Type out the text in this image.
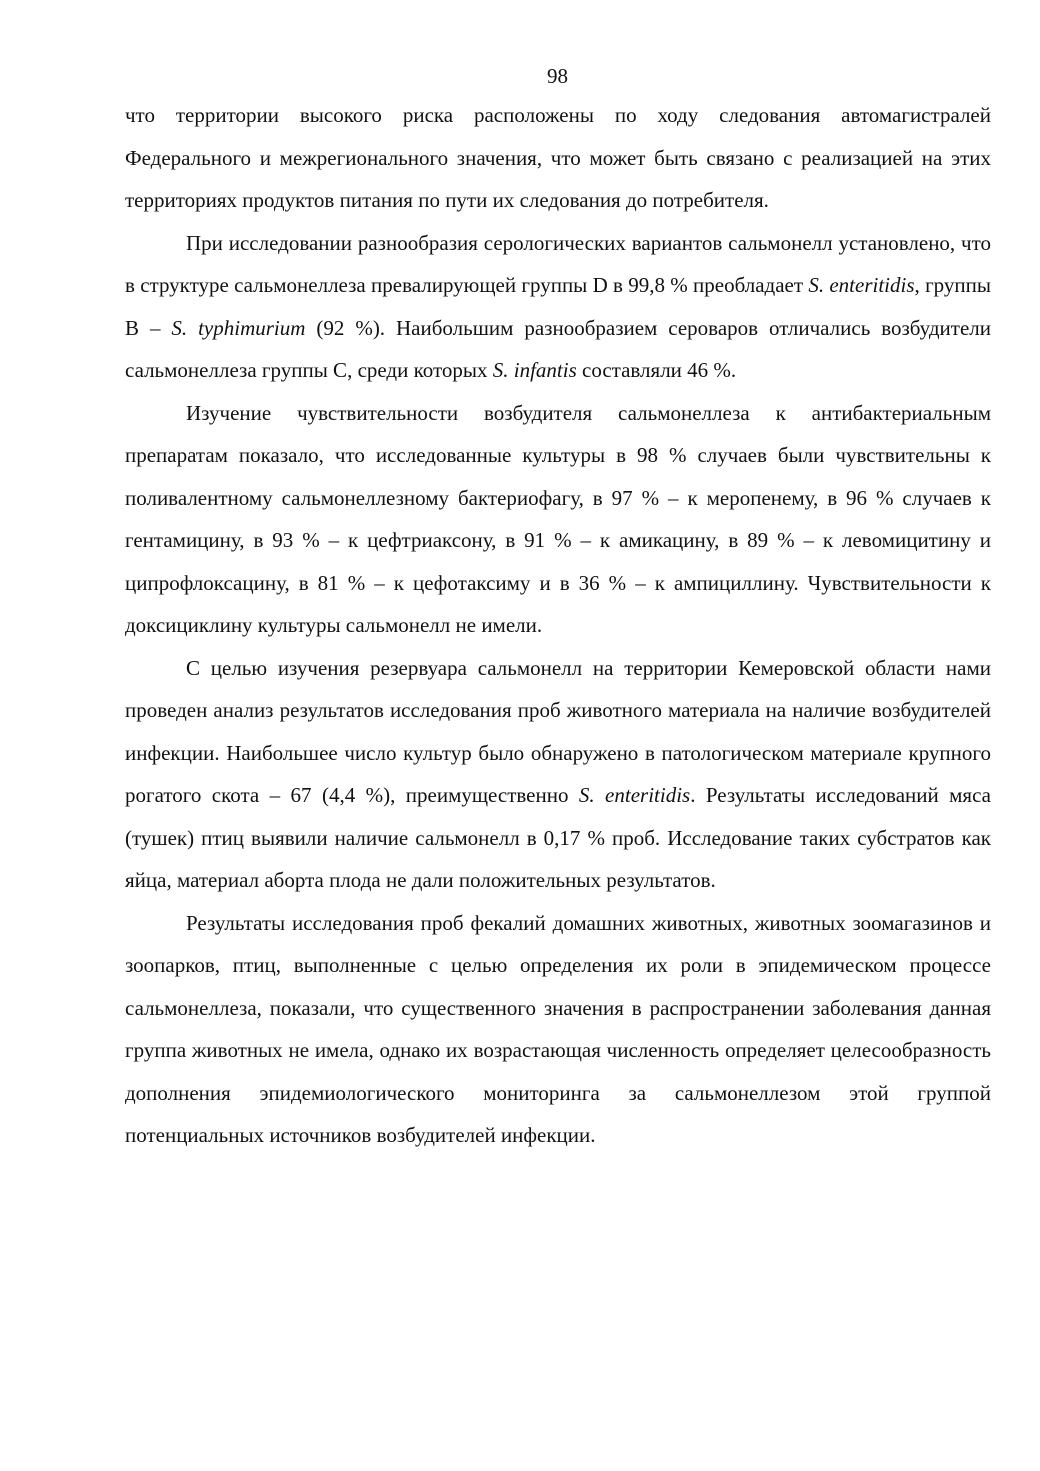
98

что территории высокого риска расположены по ходу следования автомагистралей Федерального и межрегионального значения, что может быть связано с реализацией на этих территориях продуктов питания по пути их следования до потребителя.

При исследовании разнообразия серологических вариантов сальмонелл установлено, что в структуре сальмонеллеза превалирующей группы D в 99,8 % преобладает S. enteritidis, группы В – S. typhimurium (92 %). Наибольшим разнообразием сероваров отличались возбудители сальмонеллеза группы С, среди которых S. infantis составляли 46 %.

Изучение чувствительности возбудителя сальмонеллеза к антибактериальным препаратам показало, что исследованные культуры в 98 % случаев были чувствительны к поливалентному сальмонеллезному бактериофагу, в 97 % – к меропенему, в 96 % случаев к гентамицину, в 93 % – к цефтриаксону, в 91 % – к амикацину, в 89 % – к левомицитину и ципрофлоксацину, в 81 % – к цефотаксиму и в 36 % – к ампициллину. Чувствительности к доксициклину культуры сальмонелл не имели.

С целью изучения резервуара сальмонелл на территории Кемеровской области нами проведен анализ результатов исследования проб животного материала на наличие возбудителей инфекции. Наибольшее число культур было обнаружено в патологическом материале крупного рогатого скота – 67 (4,4 %), преимущественно S. enteritidis. Результаты исследований мяса (тушек) птиц выявили наличие сальмонелл в 0,17 % проб. Исследование таких субстратов как яйца, материал аборта плода не дали положительных результатов.

Результаты исследования проб фекалий домашних животных, животных зоомагазинов и зоопарков, птиц, выполненные с целью определения их роли в эпидемическом процессе сальмонеллеза, показали, что существенного значения в распространении заболевания данная группа животных не имела, однако их возрастающая численность определяет целесообразность дополнения эпидемиологического мониторинга за сальмонеллезом этой группой потенциальных источников возбудителей инфекции.
